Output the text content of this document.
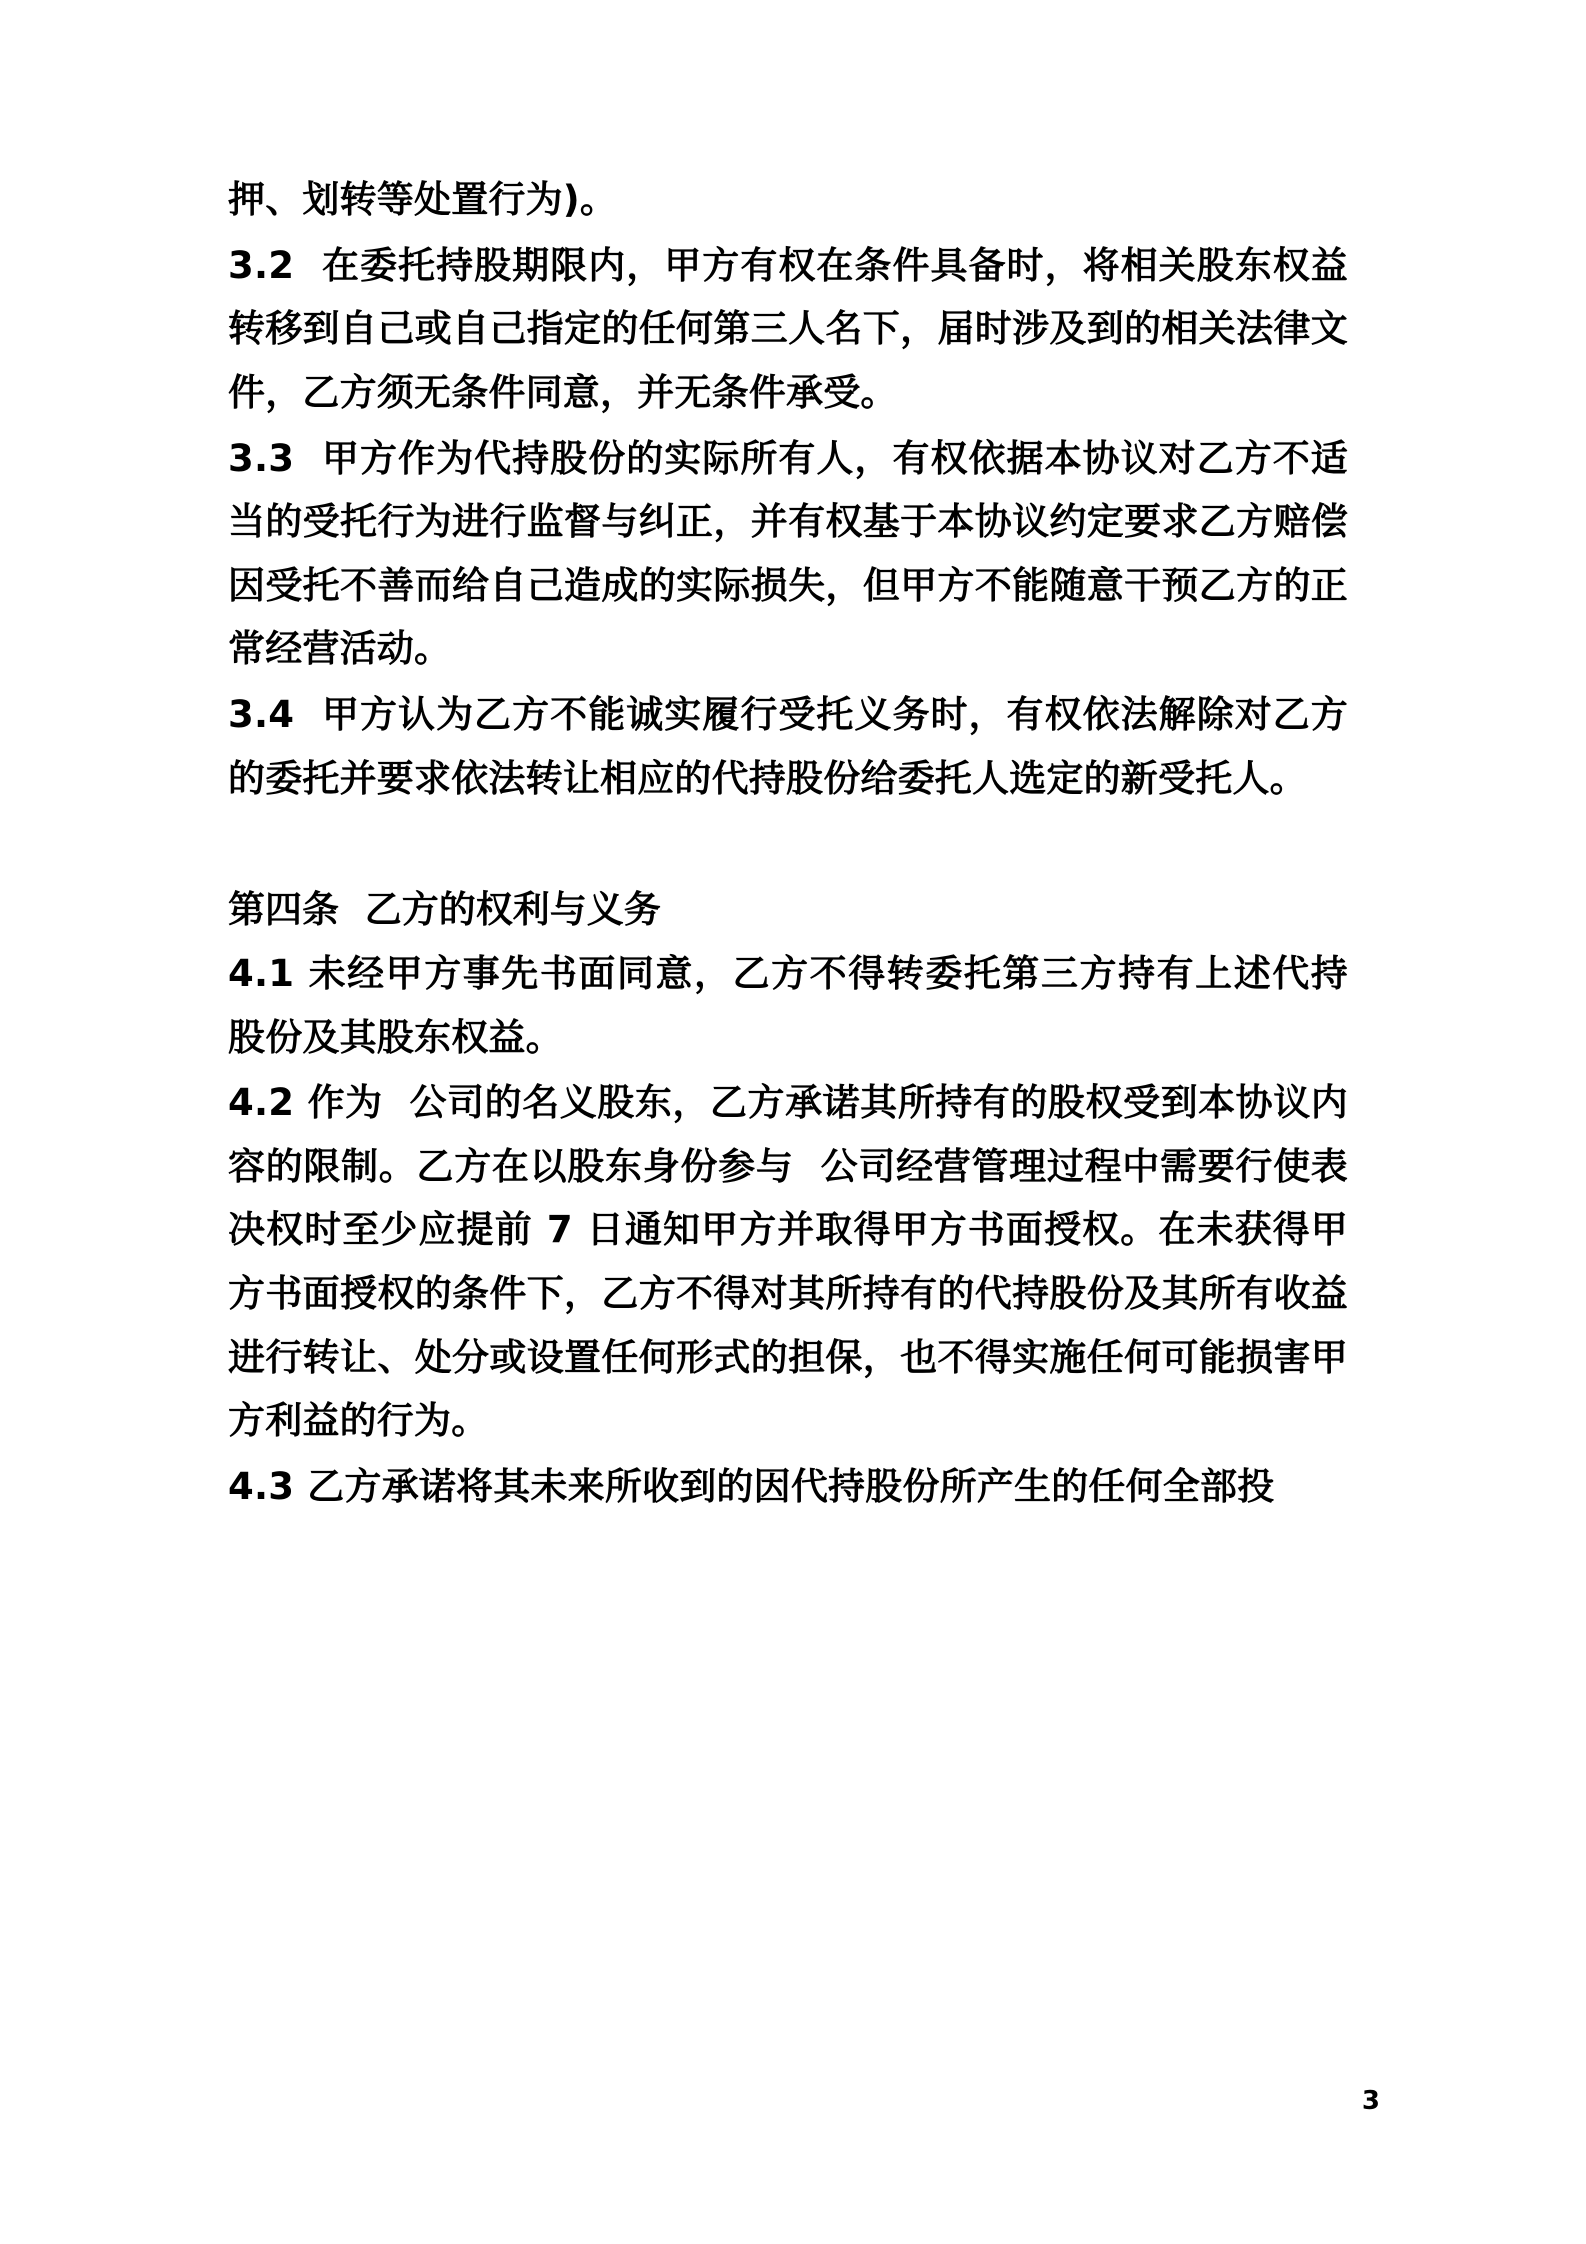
押、划转等处置行为)。

3.2  在委托持股期限内，甲方有权在条件具备时，将相关股东权益转移到自己或自己指定的任何第三人名下，届时涉及到的相关法律文件，乙方须无条件同意，并无条件承受。

3.3  甲方作为代持股份的实际所有人，有权依据本协议对乙方不适当的受托行为进行监督与纠正，并有权基于本协议约定要求乙方赔偿因受托不善而给自己造成的实际损失，但甲方不能随意干预乙方的正常经营活动。

3.4  甲方认为乙方不能诚实履行受托义务时，有权依法解除对乙方的委托并要求依法转让相应的代持股份给委托人选定的新受托人。

第四条  乙方的权利与义务

4.1 未经甲方事先书面同意，乙方不得转委托第三方持有上述代持股份及其股东权益。

4.2 作为  公司的名义股东，乙方承诺其所持有的股权受到本协议内容的限制。乙方在以股东身份参与  公司经营管理过程中需要行使表决权时至少应提前 7 日通知甲方并取得甲方书面授权。在未获得甲方书面授权的条件下，乙方不得对其所持有的代持股份及其所有收益进行转让、处分或设置任何形式的担保，也不得实施任何可能损害甲方利益的行为。

4.3 乙方承诺将其未来所收到的因代持股份所产生的任何全部投

3
